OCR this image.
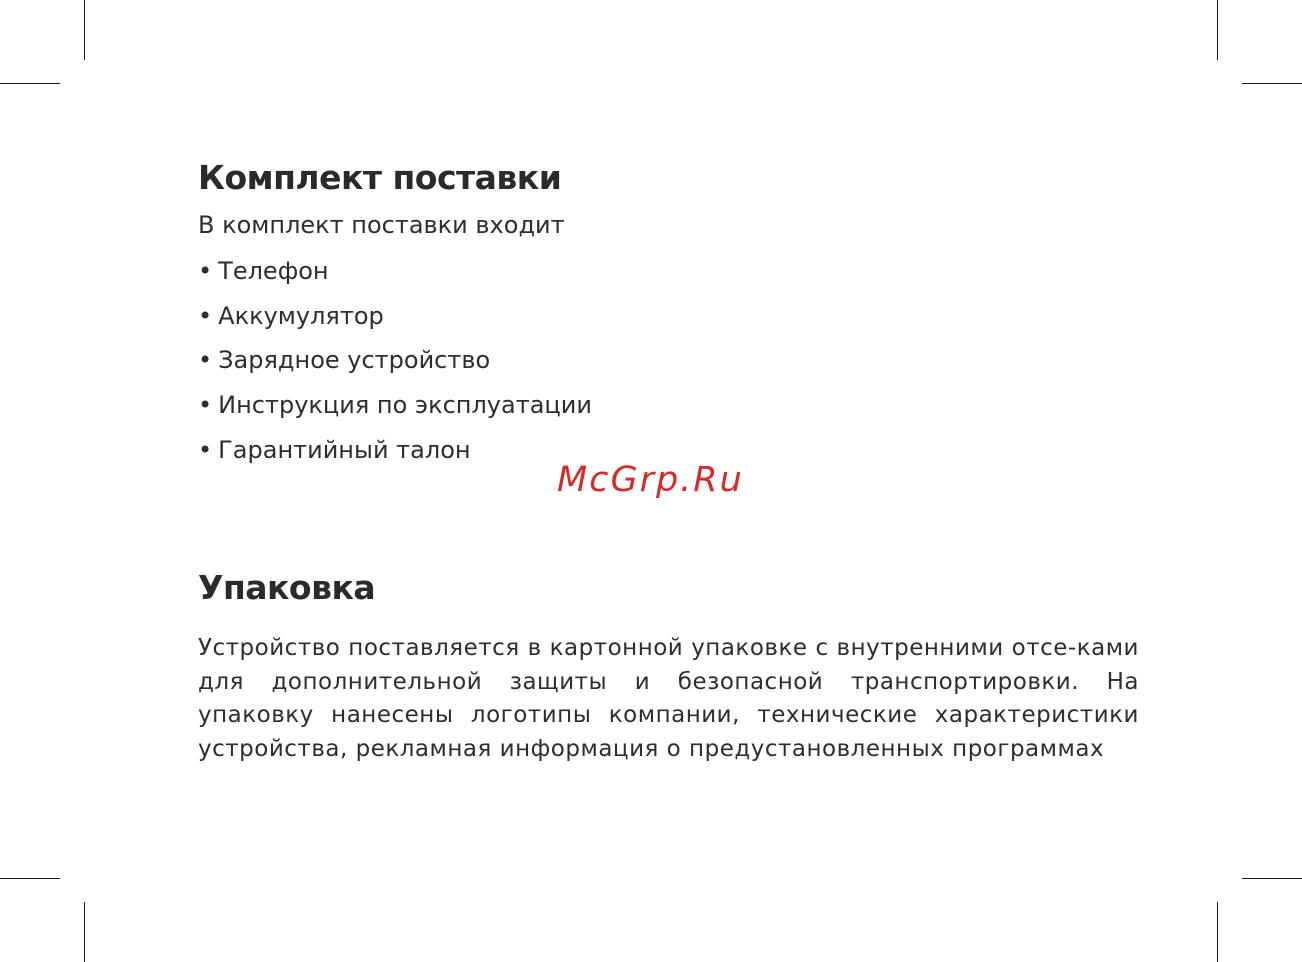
Комплект поставки
В комплект поставки входит
• Телефон
• Аккумулятор
• Зарядное устройство
• Инструкция по эксплуатации
• Гарантийный талон
Упаковка

Устройство поставляется в картонной упаковке с внутренними отсе-ками для дополнительной защиты и безопасной транспортировки. На упаковку нанесены логотипы компании, технические характеристики устройства, рекламная информация о предустановленных программах

McGrp.Ru
